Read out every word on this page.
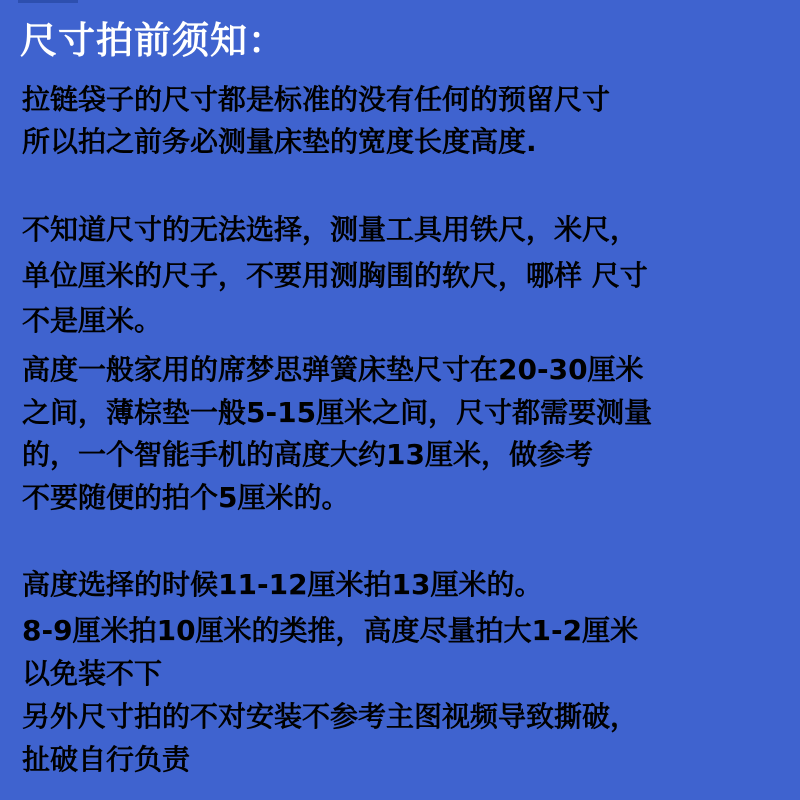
尺寸拍前须知：
拉链袋子的尺寸都是标准的没有任何的预留尺寸
所以拍之前务必测量床垫的宽度长度高度.
不知道尺寸的无法选择，测量工具用铁尺，米尺，
单位厘米的尺子，不要用测胸围的软尺，哪样 尺寸
不是厘米。
高度一般家用的席梦思弹簧床垫尺寸在20-30厘米
之间，薄棕垫一般5-15厘米之间，尺寸都需要测量
的，一个智能手机的高度大约13厘米，做参考
不要随便的拍个5厘米的。
高度选择的时候11-12厘米拍13厘米的。
8-9厘米拍10厘米的类推，高度尽量拍大1-2厘米
以免装不下
另外尺寸拍的不对安装不参考主图视频导致撕破，
扯破自行负责
